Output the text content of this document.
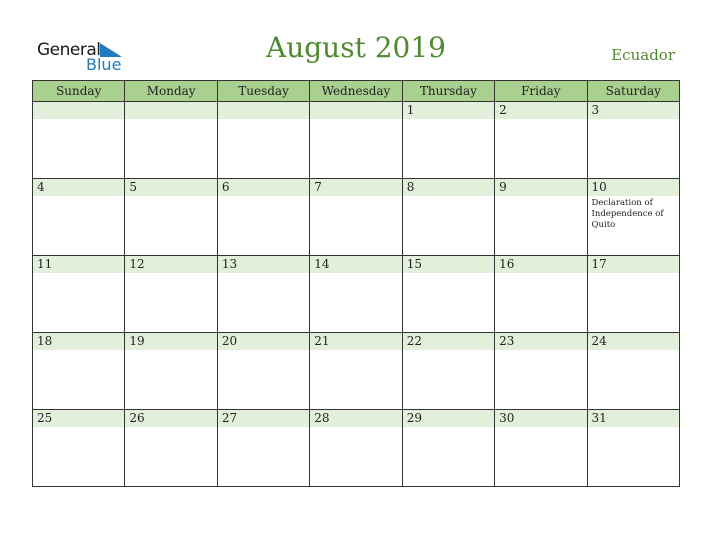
General
Blue
August 2019	Ecuador
Sunday	Monday	Tuesday	Wednesday	Thursday	Friday	Saturday

				1	2	3

4	5	6	7	8	9	10
Declaration of Independence of Quito

11	12	13	14	15	16	17

18	19	20	21	22	23	24

25	26	27	28	29	30	31
